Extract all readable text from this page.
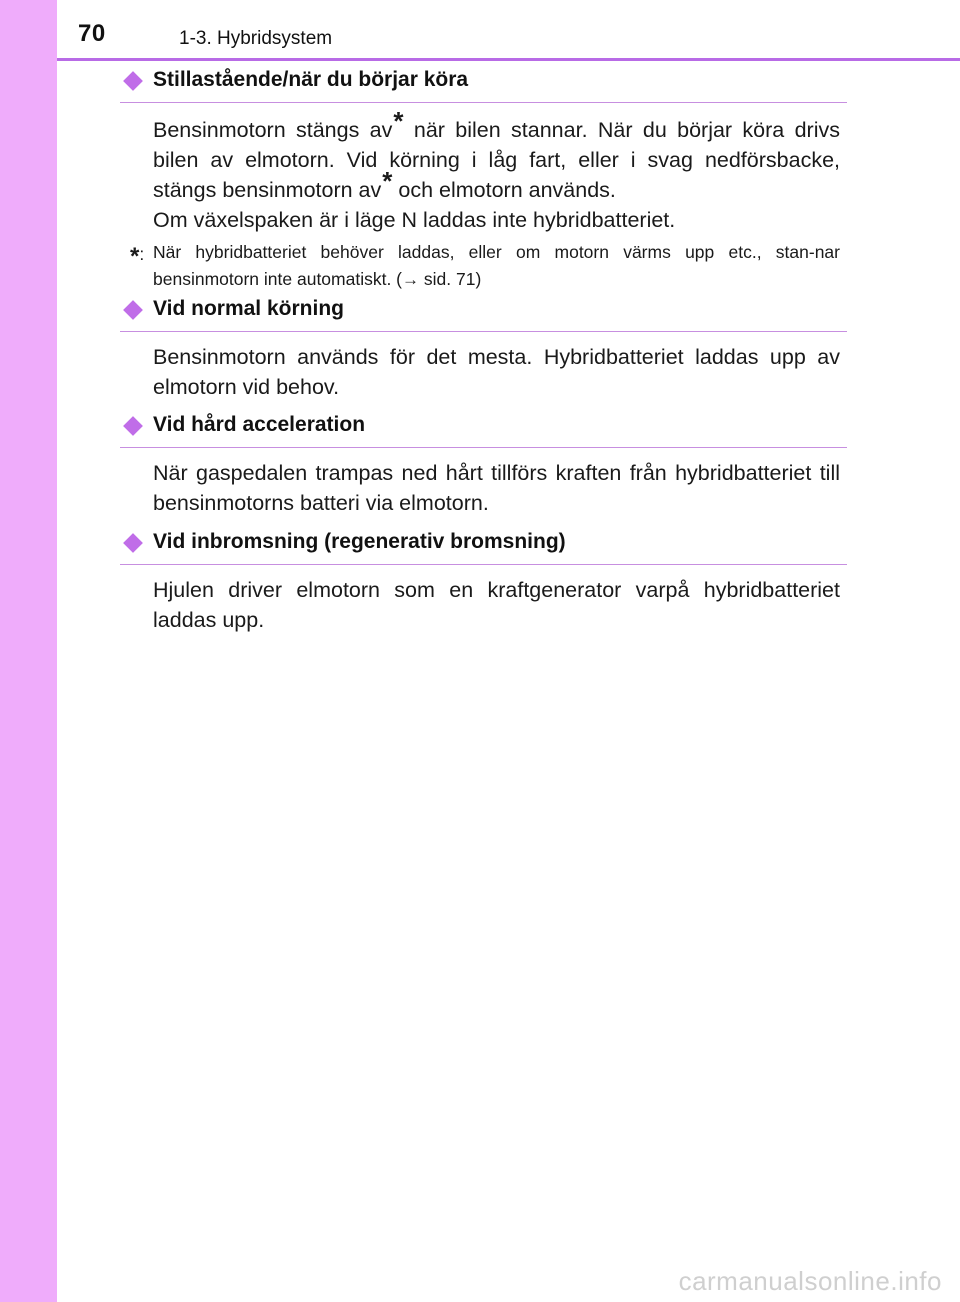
70	1-3. Hybridsystem
Stillastående/när du börjar köra
Bensinmotorn stängs av* när bilen stannar. När du börjar köra drivs bilen av elmotorn. Vid körning i låg fart, eller i svag nedförsbacke, stängs bensinmotorn av* och elmotorn används.
Om växelspaken är i läge N laddas inte hybridbatteriet.
*: När hybridbatteriet behöver laddas, eller om motorn värms upp etc., stan-nar bensinmotorn inte automatiskt. (→ sid. 71)
Vid normal körning
Bensinmotorn används för det mesta. Hybridbatteriet laddas upp av elmotorn vid behov.
Vid hård acceleration
När gaspedalen trampas ned hårt tillförs kraften från hybridbatteriet till bensinmotorns batteri via elmotorn.
Vid inbromsning (regenerativ bromsning)
Hjulen driver elmotorn som en kraftgenerator varpå hybridbatteriet laddas upp.
carmanualsonline.info
